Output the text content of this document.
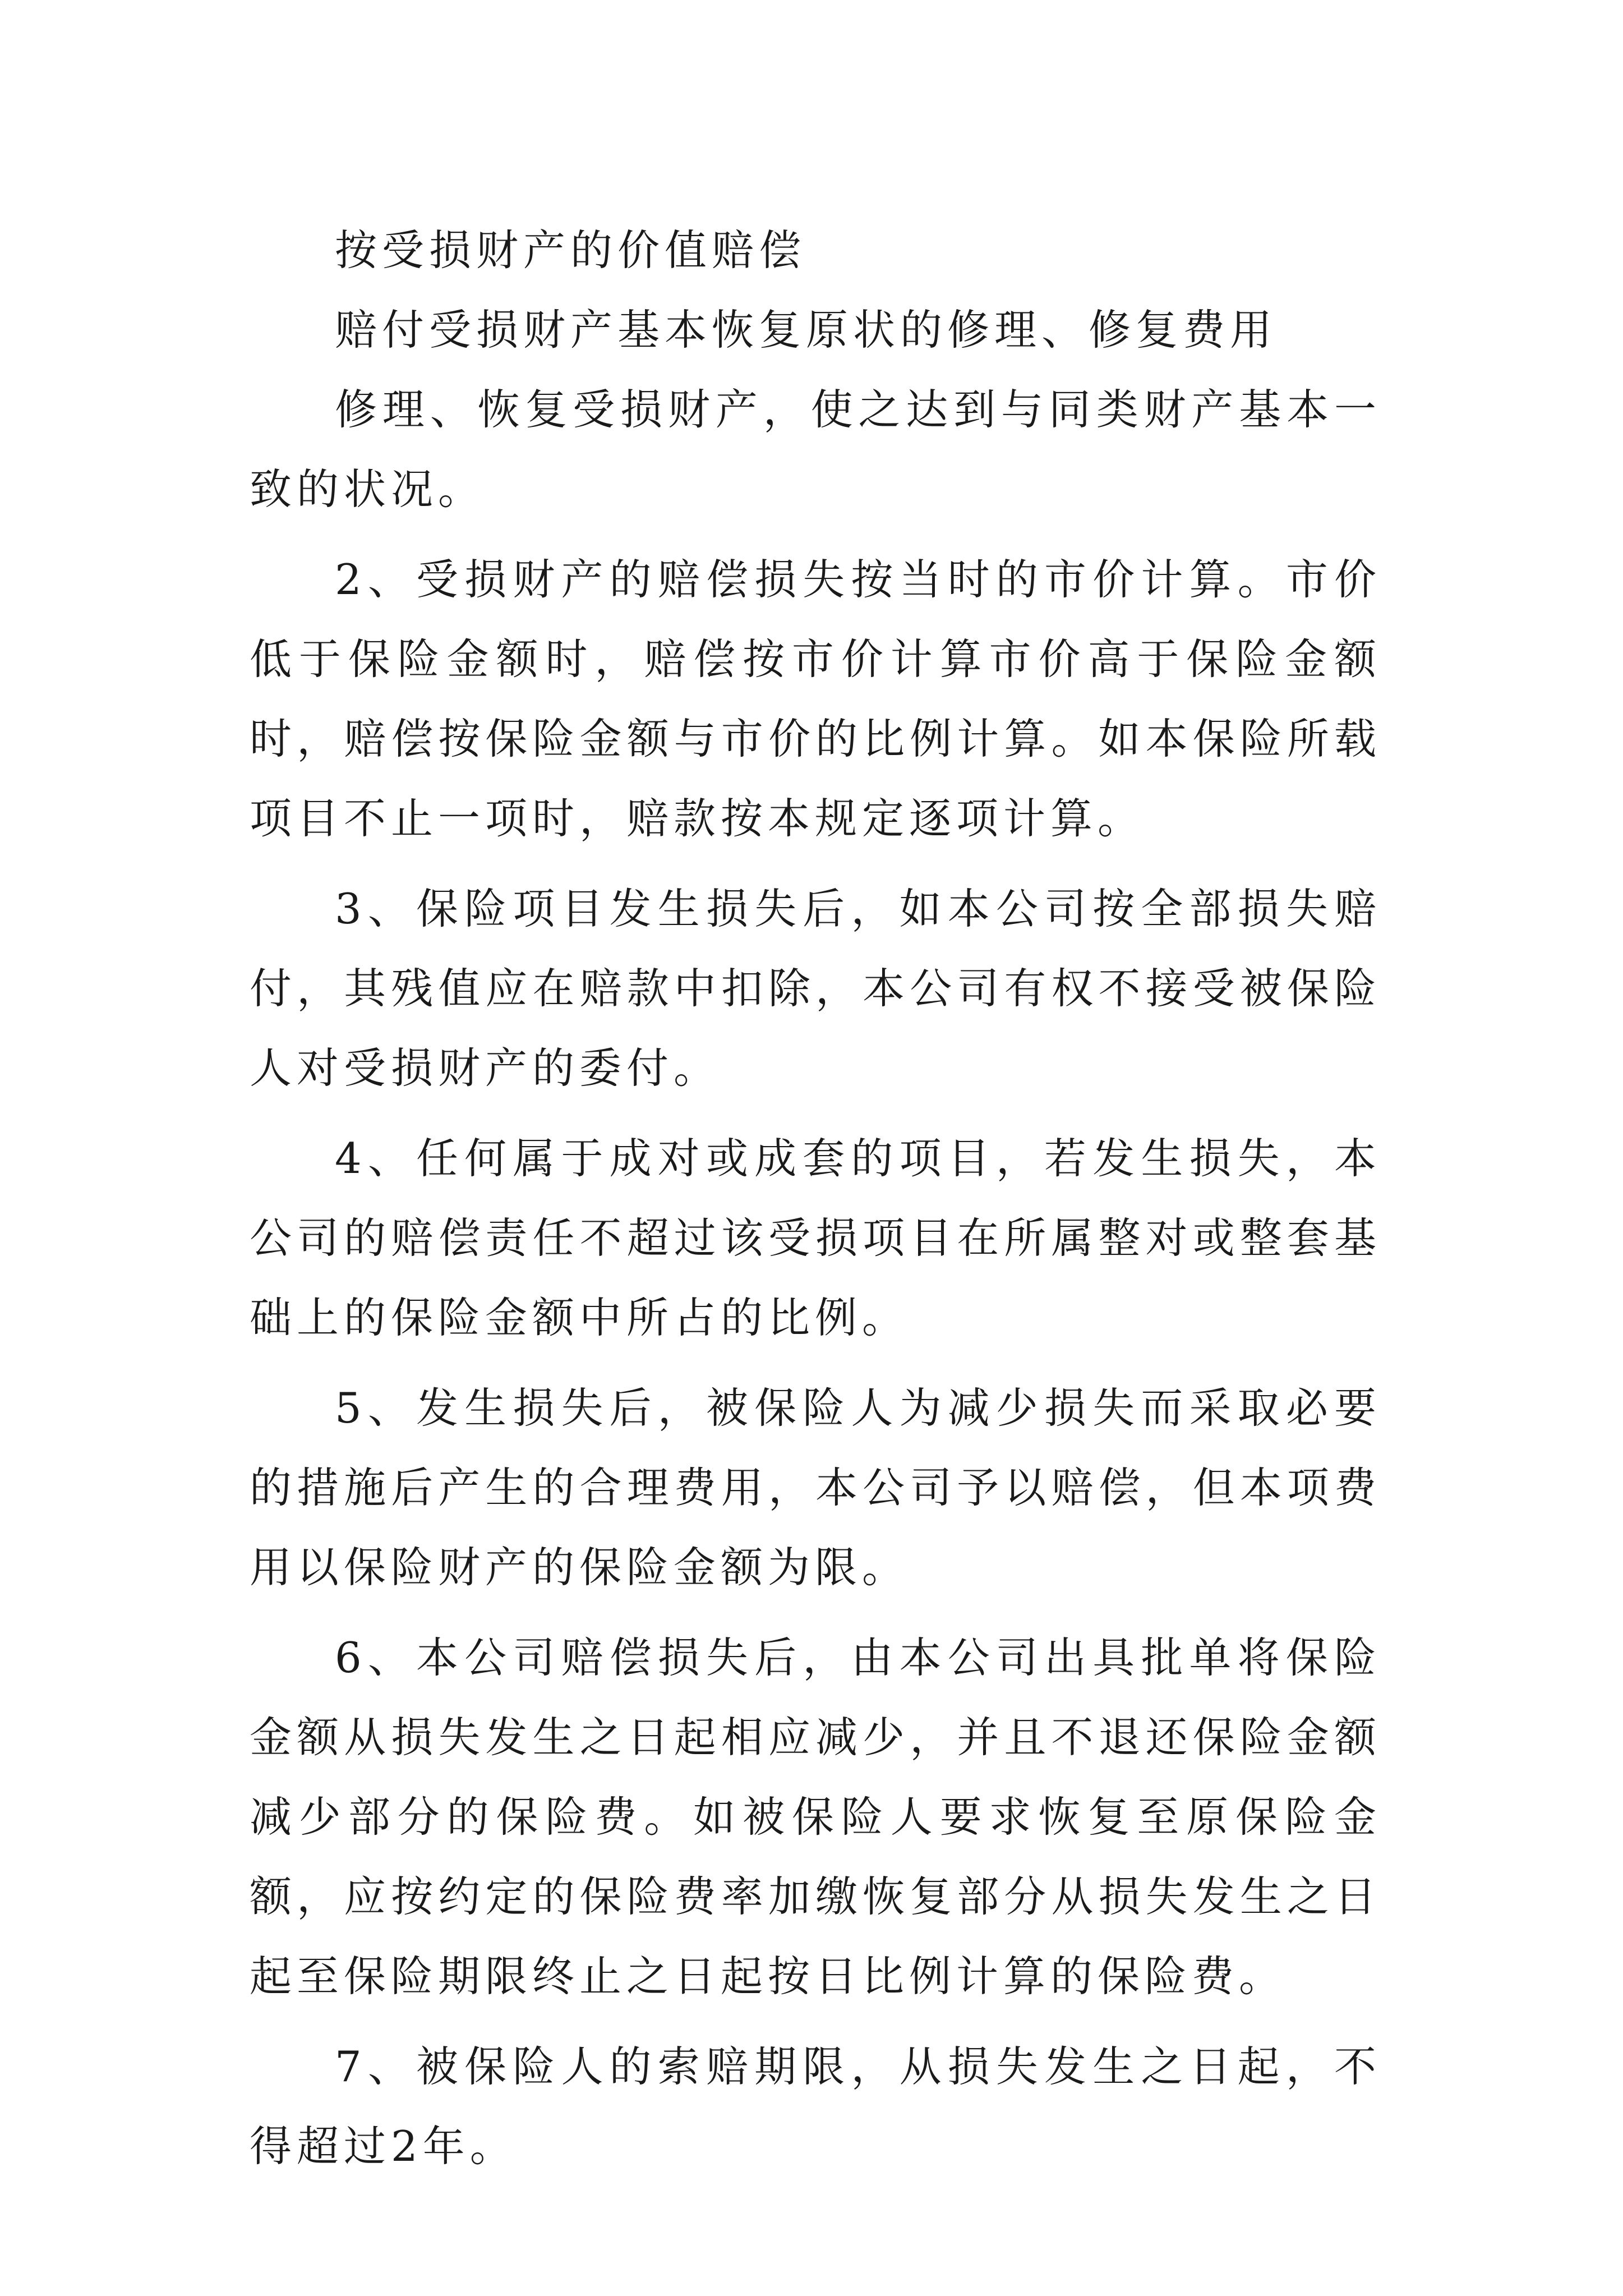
按受损财产的价值赔偿

赔付受损财产基本恢复原状的修理、修复费用

修理、恢复受损财产，使之达到与同类财产基本一致的状况。

2、受损财产的赔偿损失按当时的市价计算。市价低于保险金额时，赔偿按市价计算市价高于保险金额时，赔偿按保险金额与市价的比例计算。如本保险所载项目不止一项时，赔款按本规定逐项计算。

3、保险项目发生损失后，如本公司按全部损失赔付，其残值应在赔款中扣除，本公司有权不接受被保险人对受损财产的委付。

4、任何属于成对或成套的项目，若发生损失，本公司的赔偿责任不超过该受损项目在所属整对或整套基础上的保险金额中所占的比例。

5、发生损失后，被保险人为减少损失而采取必要的措施后产生的合理费用，本公司予以赔偿，但本项费用以保险财产的保险金额为限。

6、本公司赔偿损失后，由本公司出具批单将保险金额从损失发生之日起相应减少，并且不退还保险金额减少部分的保险费。如被保险人要求恢复至原保险金额，应按约定的保险费率加缴恢复部分从损失发生之日起至保险期限终止之日起按日比例计算的保险费。

7、被保险人的索赔期限，从损失发生之日起，不得超过2年。
